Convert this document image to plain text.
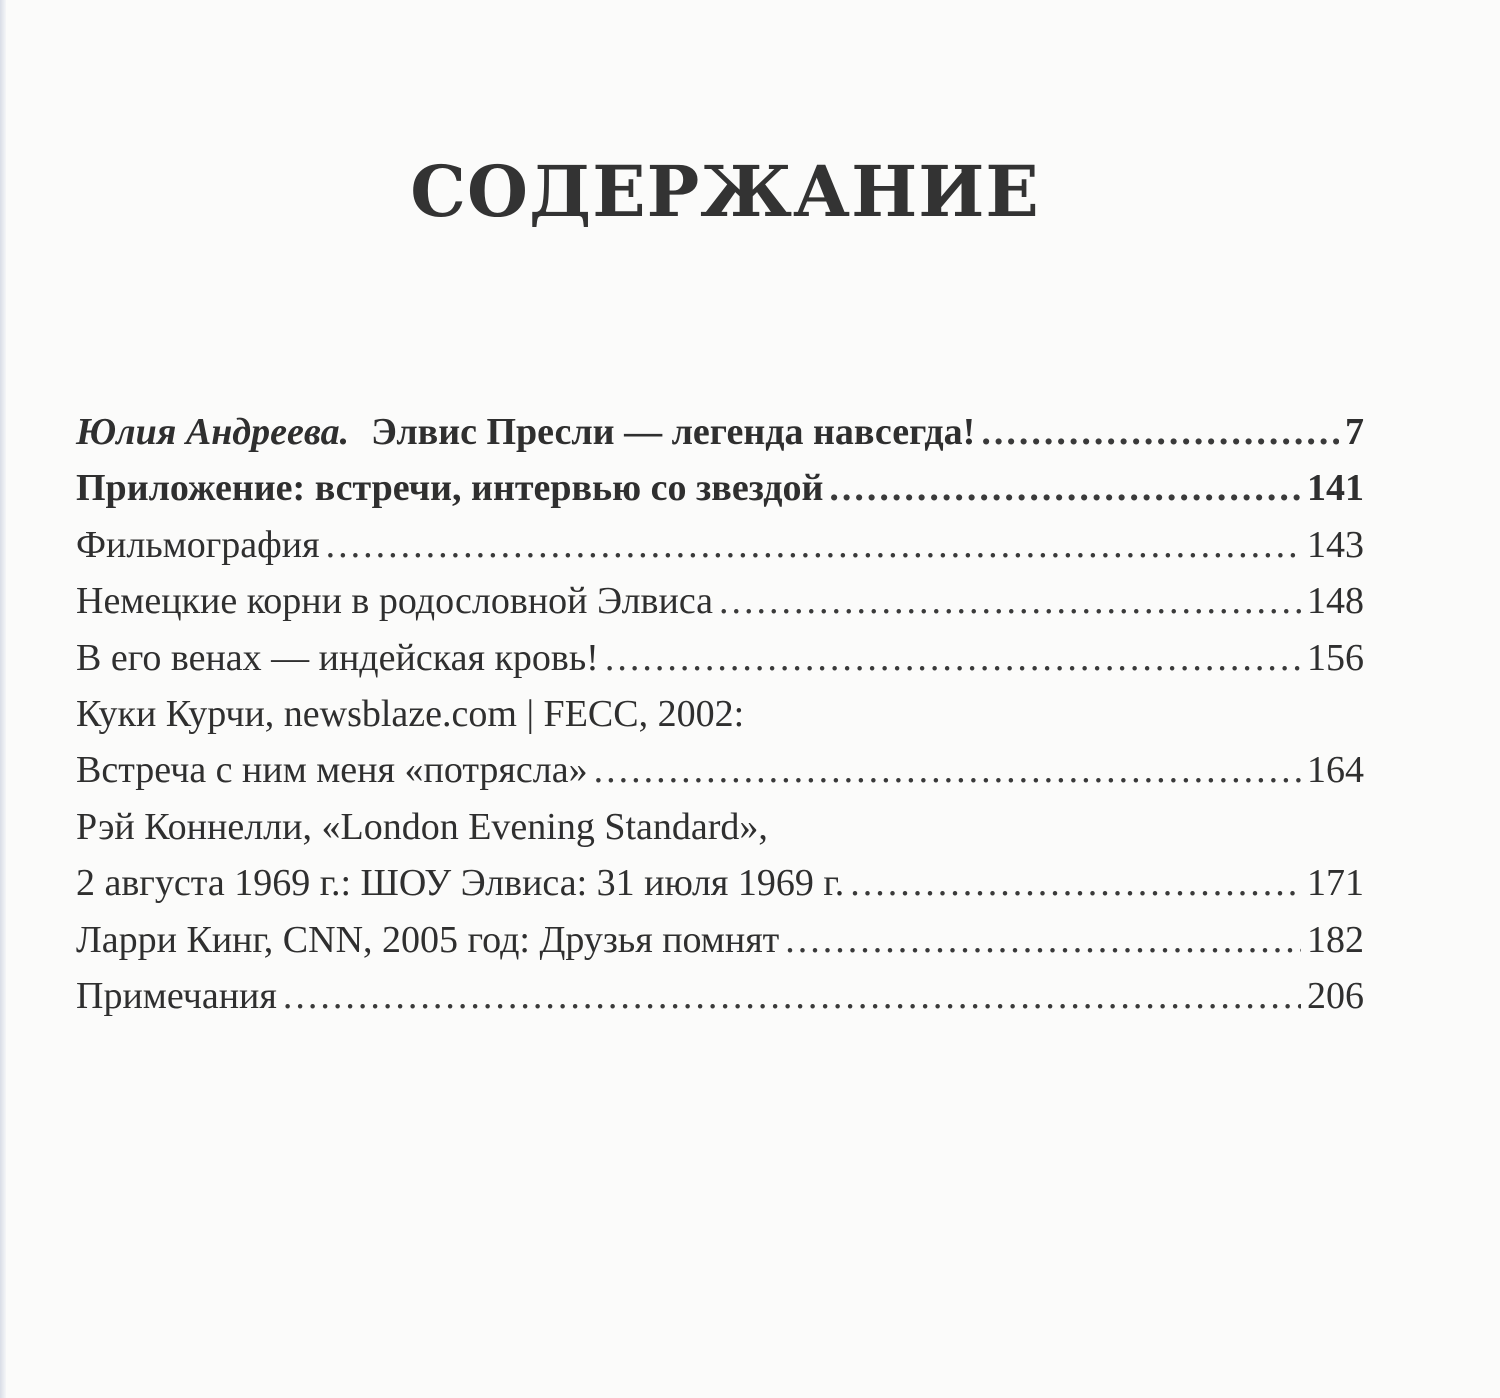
СОДЕРЖАНИЕ
Юлия Андреева. Элвис Пресли — легенда навсегда! .....	7
Приложение: встречи, интервью со звездой .....	141
Фильмография .....	143
Немецкие корни в родословной Элвиса .....	148
В его венах — индейская кровь! .....	156
Куки Курчи, newsblaze.com | FECC, 2002:
Встреча с ним меня «потрясла» .....	164
Рэй Коннелли, «London Evening Standard»,
2 августа 1969 г.: ШОУ Элвиса: 31 июля 1969 г. .....	171
Ларри Кинг, CNN, 2005 год: Друзья помнят .....	182
Примечания .....	206
